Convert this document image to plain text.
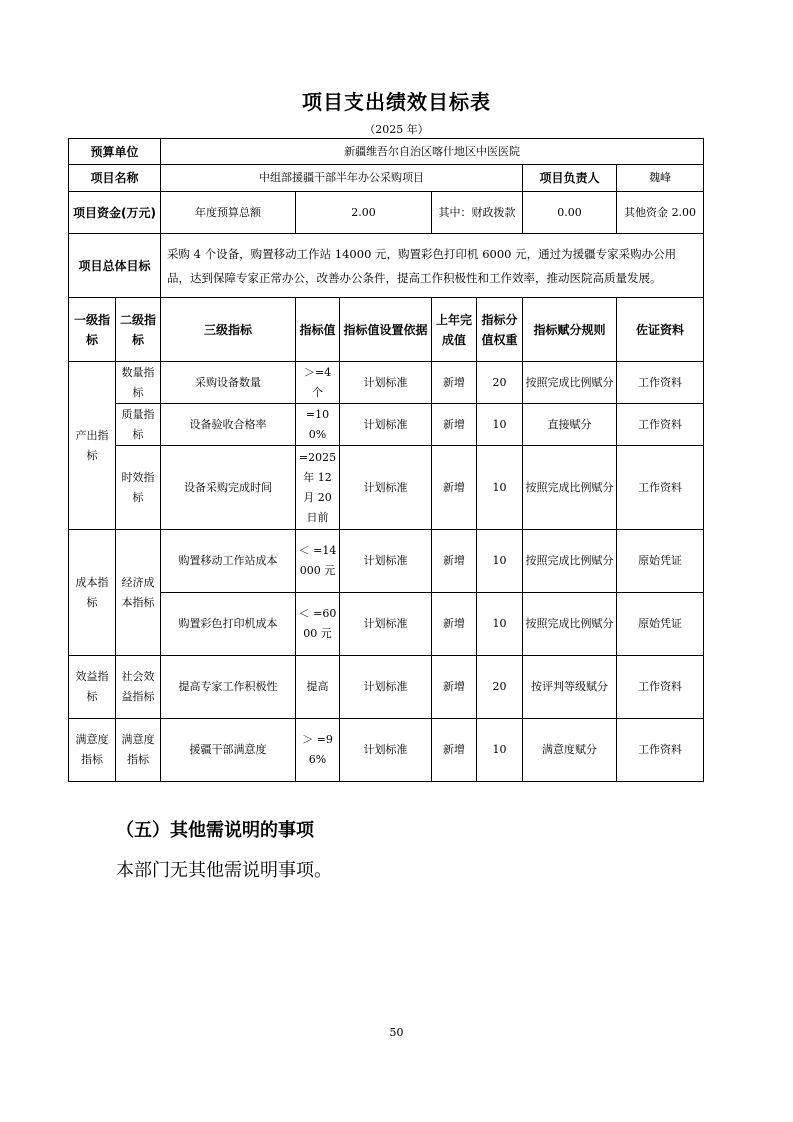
项目支出绩效目标表
（2025 年）
预算单位		新疆维吾尔自治区喀什地区中医医院						
项目名称		中组部援疆干部半年办公采购项目					项目负责人	魏峰
项目资金(万元)		年度预算总额	2.00		其中：财政拨款		0.00	其他资金 2.00
项目总体目标		采购 4 个设备，购置移动工作站 14000 元，购置彩色打印机 6000 元，通过为援疆专家采购办公用品，达到保障专家正常办公，改善办公条件，提高工作积极性和工作效率，推动医院高质量发展。						
一级指标	二级指标	三级指标	指标值	指标值设置依据	上年完成值	指标分值权重	指标赋分规则	佐证资料
产出指标	数量指标	采购设备数量	＞=4 个	计划标准	新增	20	按照完成比例赋分	工作资料
	质量指标	设备验收合格率	=100%	计划标准	新增	10	直接赋分	工作资料
	时效指标	设备采购完成时间	=2025 年 12 月 20 日前	计划标准	新增	10	按照完成比例赋分	工作资料
成本指标	经济成本指标	购置移动工作站成本	＜ =14000 元	计划标准	新增	10	按照完成比例赋分	原始凭证
		购置彩色打印机成本	＜ =6000 元	计划标准	新增	10	按照完成比例赋分	原始凭证
效益指标	社会效益指标	提高专家工作积极性	提高	计划标准	新增	20	按评判等级赋分	工作资料
满意度指标	满意度指标	援疆干部满意度	＞ =96%	计划标准	新增	10	满意度赋分	工作资料
（五）其他需说明的事项
本部门无其他需说明事项。
50
